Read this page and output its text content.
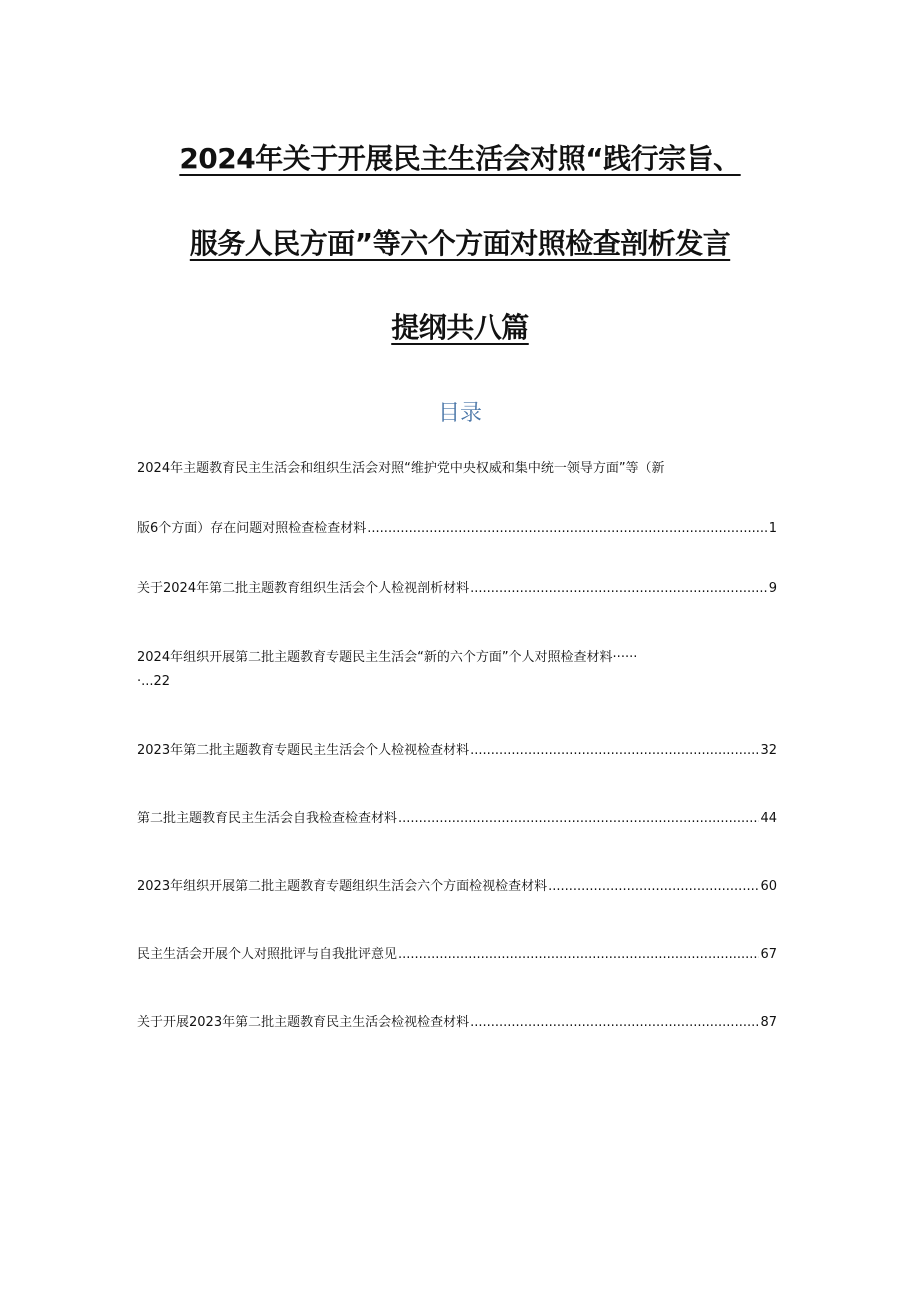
2024年关于开展民主生活会对照“践行宗旨、
服务人民方面”等六个方面对照检查剖析发言
提纲共八篇
目录
2024年主题教育民主生活会和组织生活会对照“维护党中央权威和集中统一领导方面”等（新
版6个方面）存在问题对照检查检查材料 .....	1
关于2024年第二批主题教育组织生活会个人检视剖析材料 .....	9
2024年组织开展第二批主题教育专题民主生活会“新的六个方面”个人对照检查材料······
·...22
2023年第二批主题教育专题民主生活会个人检视检查材料 .....	32
第二批主题教育民主生活会自我检查检查材料 .....	44
2023年组织开展第二批主题教育专题组织生活会六个方面检视检查材料 .....	60
民主生活会开展个人对照批评与自我批评意见 .....	67
关于开展2023年第二批主题教育民主生活会检视检查材料 .....	87
